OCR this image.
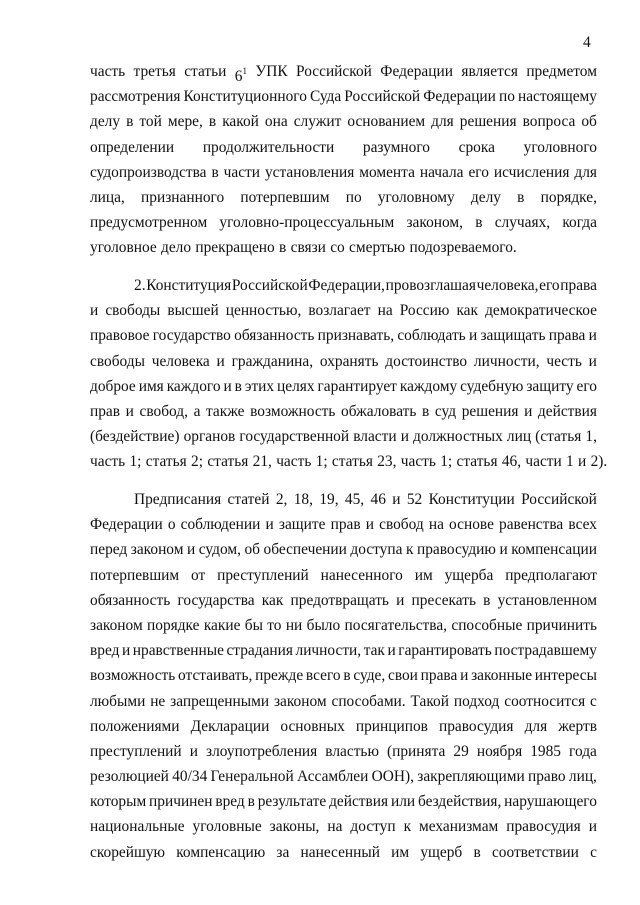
4
часть третья статьи $6^1$ УПК Российской Федерации является предметом
рассмотрения Конституционного Суда Российской Федерации по настоящему
делу в той мере, в какой она служит основанием для решения вопроса об
определении продолжительности разумного срока уголовного
судопроизводства в части установления момента начала его исчисления для
лица, признанного потерпевшим по уголовному делу в порядке,
предусмотренном уголовно-процессуальным законом, в случаях, когда
уголовное дело прекращено в связи со смертью подозреваемого.
2. Конституция Российской Федерации, провозглашая человека, его права
и свободы высшей ценностью, возлагает на Россию как демократическое
правовое государство обязанность признавать, соблюдать и защищать права и
свободы человека и гражданина, охранять достоинство личности, честь и
доброе имя каждого и в этих целях гарантирует каждому судебную защиту его
прав и свобод, а также возможность обжаловать в суд решения и действия
(бездействие) органов государственной власти и должностных лиц (статья 1,
часть 1; статья 2; статья 21, часть 1; статья 23, часть 1; статья 46, части 1 и 2).
Предписания статей 2, 18, 19, 45, 46 и 52 Конституции Российской
Федерации о соблюдении и защите прав и свобод на основе равенства всех
перед законом и судом, об обеспечении доступа к правосудию и компенсации
потерпевшим от преступлений нанесенного им ущерба предполагают
обязанность государства как предотвращать и пресекать в установленном
законом порядке какие бы то ни было посягательства, способные причинить
вред и нравственные страдания личности, так и гарантировать пострадавшему
возможность отстаивать, прежде всего в суде, свои права и законные интересы
любыми не запрещенными законом способами. Такой подход соотносится с
положениями Декларации основных принципов правосудия для жертв
преступлений и злоупотребления властью (принята 29 ноября 1985 года
резолюцией 40/34 Генеральной Ассамблеи ООН), закрепляющими право лиц,
которым причинен вред в результате действия или бездействия, нарушающего
национальные уголовные законы, на доступ к механизмам правосудия и
скорейшую компенсацию за нанесенный им ущерб в соответствии с
